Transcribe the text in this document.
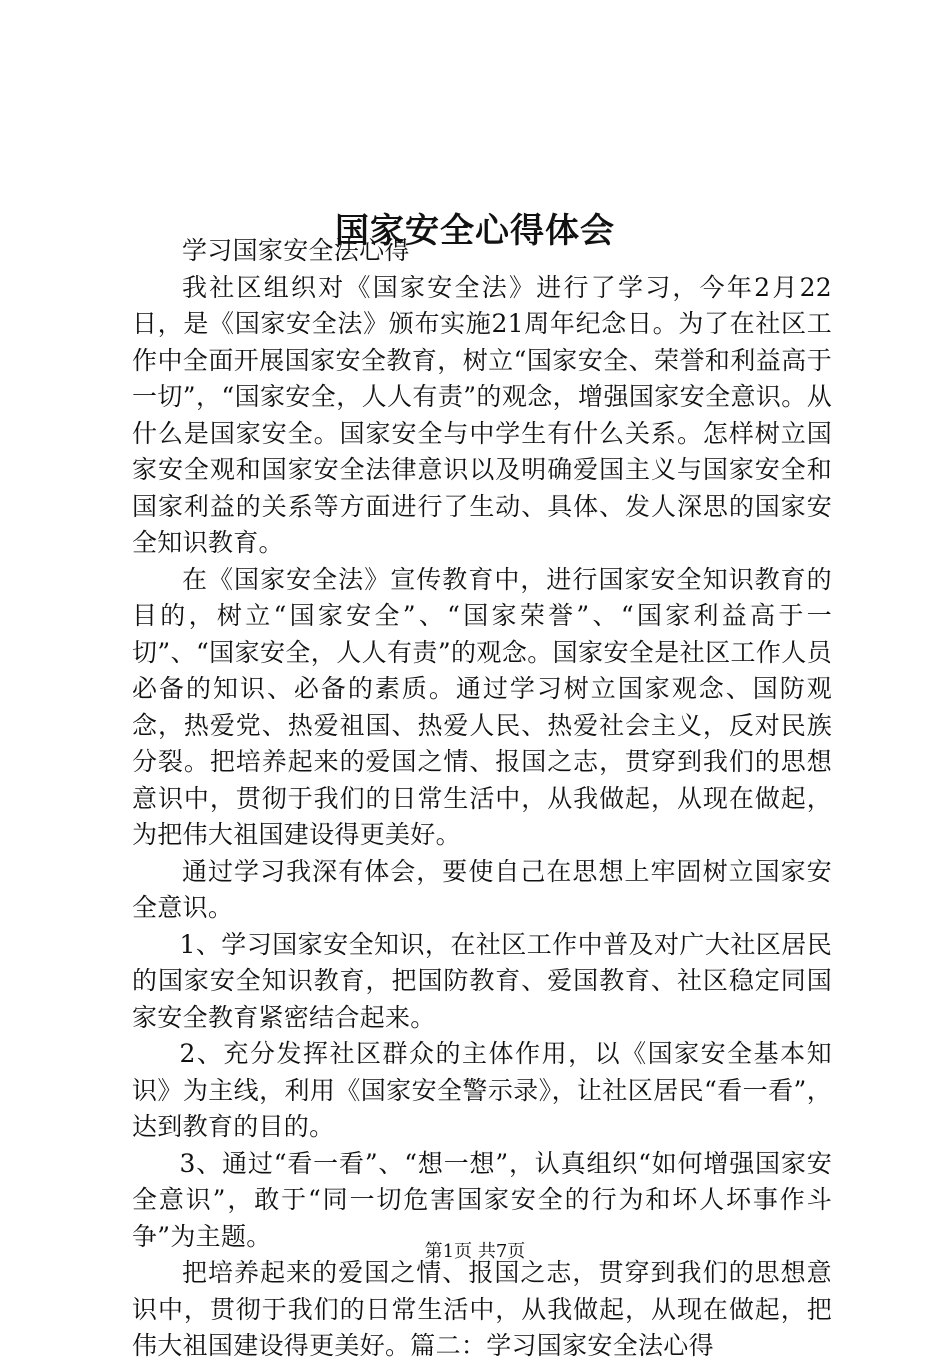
国家安全心得体会

学习国家安全法心得

我社区组织对《国家安全法》进行了学习，今年2月22日，是《国家安全法》颁布实施21周年纪念日。为了在社区工作中全面开展国家安全教育，树立“国家安全、荣誉和利益高于一切”，“国家安全，人人有责”的观念，增强国家安全意识。从什么是国家安全。国家安全与中学生有什么关系。怎样树立国家安全观和国家安全法律意识以及明确爱国主义与国家安全和国家利益的关系等方面进行了生动、具体、发人深思的国家安全知识教育。

在《国家安全法》宣传教育中，进行国家安全知识教育的目的，树立“国家安全”、“国家荣誉”、“国家利益高于一切”、“国家安全，人人有责”的观念。国家安全是社区工作人员必备的知识、必备的素质。通过学习树立国家观念、国防观念，热爱党、热爱祖国、热爱人民、热爱社会主义，反对民族分裂。把培养起来的爱国之情、报国之志，贯穿到我们的思想意识中，贯彻于我们的日常生活中，从我做起，从现在做起，为把伟大祖国建设得更美好。

通过学习我深有体会，要使自己在思想上牢固树立国家安全意识。

1、学习国家安全知识，在社区工作中普及对广大社区居民的国家安全知识教育，把国防教育、爱国教育、社区稳定同国家安全教育紧密结合起来。

2、充分发挥社区群众的主体作用，以《国家安全基本知识》为主线，利用《国家安全警示录》，让社区居民“看一看”，达到教育的目的。

3、通过“看一看”、“想一想”，认真组织“如何增强国家安全意识”，敢于“同一切危害国家安全的行为和坏人坏事作斗争”为主题。

把培养起来的爱国之情、报国之志，贯穿到我们的思想意识中，贯彻于我们的日常生活中，从我做起，从现在做起，把伟大祖国建设得更美好。篇二：学习国家安全法心得

第1页 共7页
